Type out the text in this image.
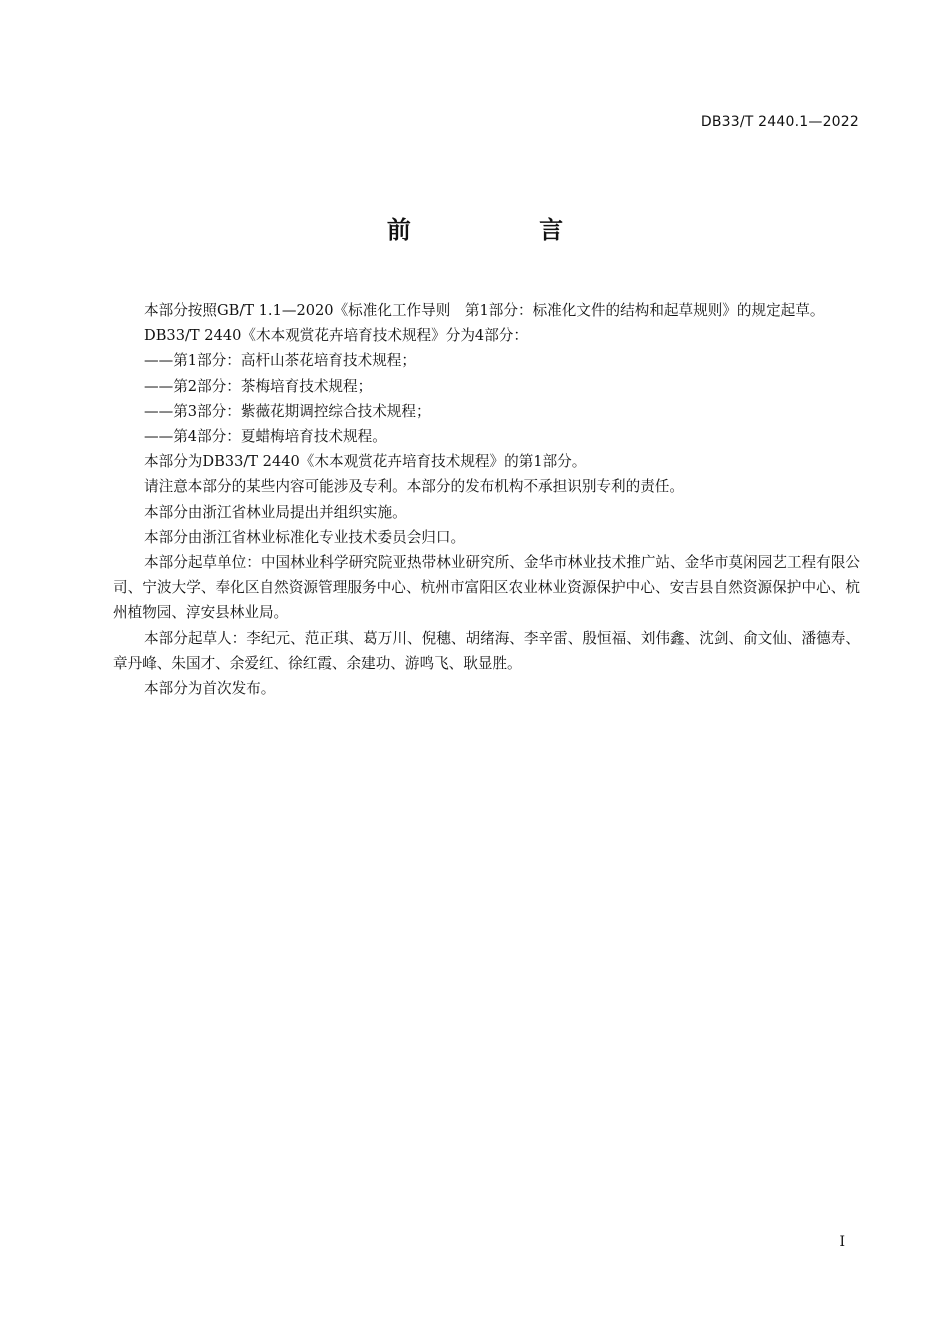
DB33/T 2440.1—2022
前 言

本部分按照GB/T 1.1—2020《标准化工作导则　第1部分：标准化文件的结构和起草规则》的规定起草。

DB33/T 2440《木本观赏花卉培育技术规程》分为4部分：

——第1部分：高杆山茶花培育技术规程；

——第2部分：茶梅培育技术规程；

——第3部分：紫薇花期调控综合技术规程；

——第4部分：夏蜡梅培育技术规程。

本部分为DB33/T 2440《木本观赏花卉培育技术规程》的第1部分。

请注意本部分的某些内容可能涉及专利。本部分的发布机构不承担识别专利的责任。

本部分由浙江省林业局提出并组织实施。

本部分由浙江省林业标准化专业技术委员会归口。

本部分起草单位：中国林业科学研究院亚热带林业研究所、金华市林业技术推广站、金华市莫闲园艺工程有限公司、宁波大学、奉化区自然资源管理服务中心、杭州市富阳区农业林业资源保护中心、安吉县自然资源保护中心、杭州植物园、淳安县林业局。

本部分起草人：李纪元、范正琪、葛万川、倪穗、胡绪海、李辛雷、殷恒福、刘伟鑫、沈剑、俞文仙、潘德寿、章丹峰、朱国才、余爱红、徐红霞、余建功、游鸣飞、耿显胜。

本部分为首次发布。

I
